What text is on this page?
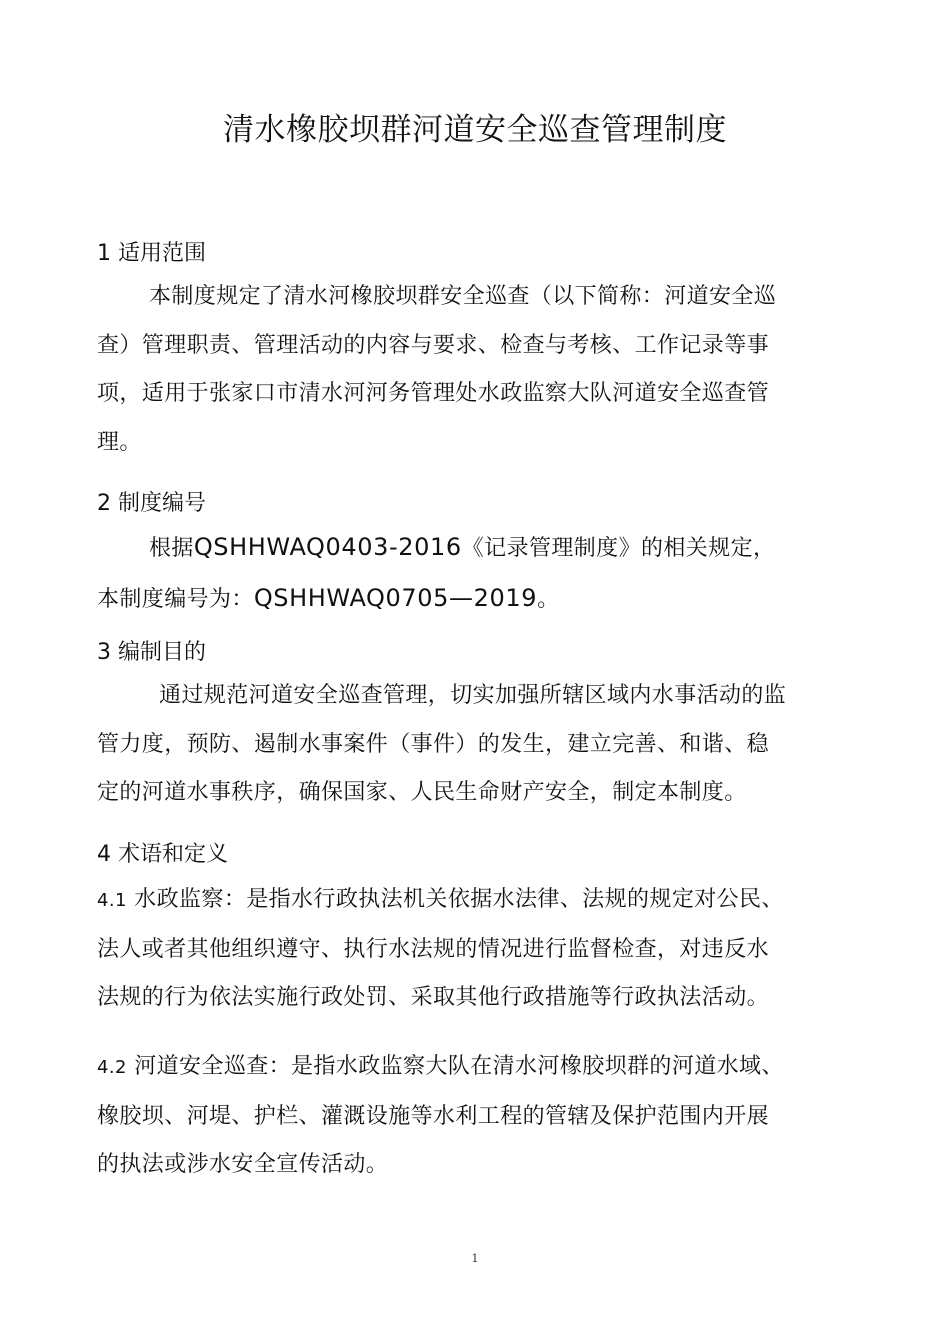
清水橡胶坝群河道安全巡查管理制度
1 适用范围
本制度规定了清水河橡胶坝群安全巡查（以下简称：河道安全巡
查）管理职责、管理活动的内容与要求、检查与考核、工作记录等事
项，适用于张家口市清水河河务管理处水政监察大队河道安全巡查管
理。
2 制度编号
根据QSHHWAQ0403-2016《记录管理制度》的相关规定，
本制度编号为：QSHHWAQ0705—2019。
3 编制目的
通过规范河道安全巡查管理，切实加强所辖区域内水事活动的监
管力度，预防、遏制水事案件（事件）的发生，建立完善、和谐、稳
定的河道水事秩序，确保国家、人民生命财产安全，制定本制度。
4 术语和定义
4.1 水政监察：是指水行政执法机关依据水法律、法规的规定对公民、
法人或者其他组织遵守、执行水法规的情况进行监督检查，对违反水
法规的行为依法实施行政处罚、采取其他行政措施等行政执法活动。
4.2 河道安全巡查：是指水政监察大队在清水河橡胶坝群的河道水域、
橡胶坝、河堤、护栏、灌溉设施等水利工程的管辖及保护范围内开展
的执法或涉水安全宣传活动。
1
